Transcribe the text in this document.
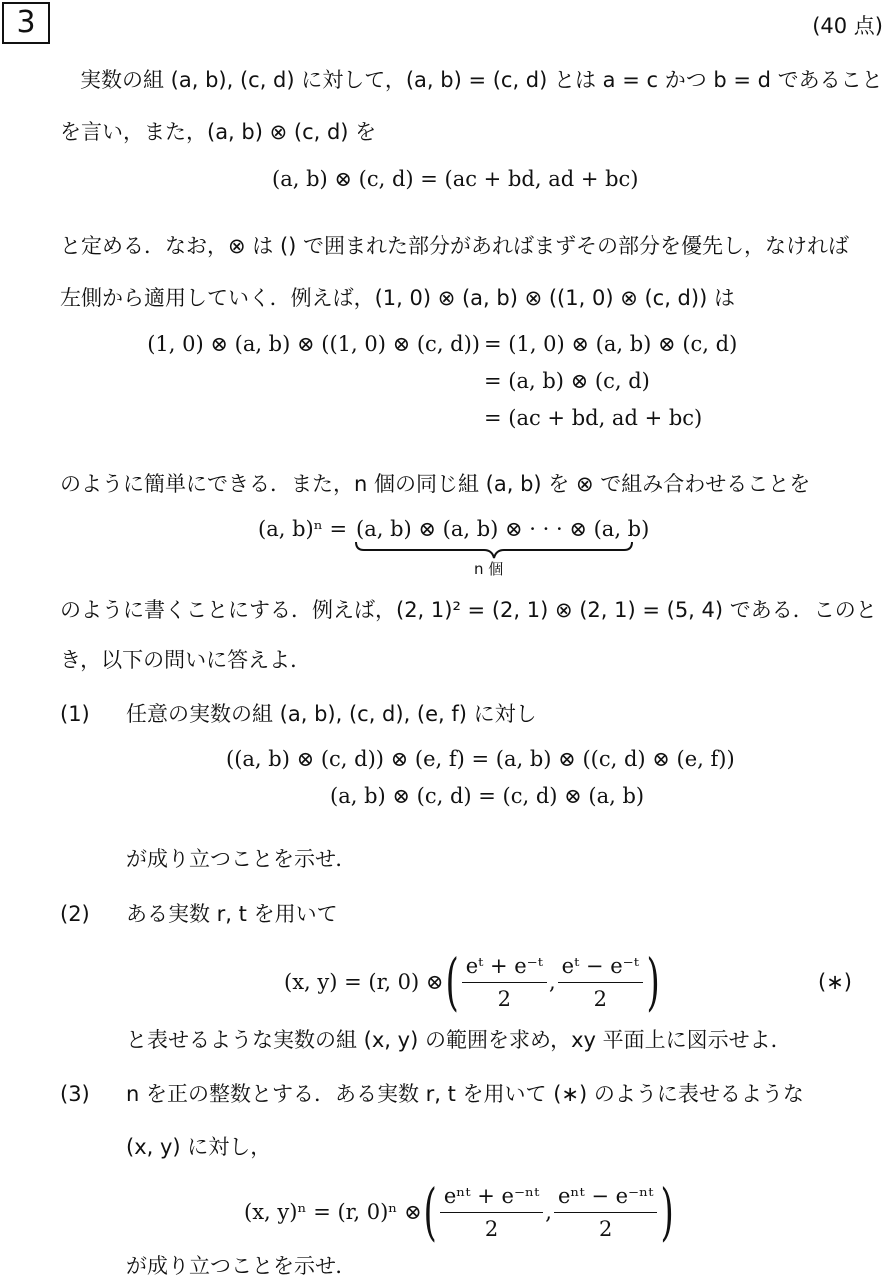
3	(40 点)
実数の組 (a, b), (c, d) に対して，(a, b) = (c, d) とは a = c かつ b = d であること
を言い，また，(a, b) ⊗ (c, d) を
(a, b) ⊗ (c, d) = (ac + bd, ad + bc)
と定める．なお，⊗ は () で囲まれた部分があればまずその部分を優先し，なければ
左側から適用していく．例えば，(1, 0) ⊗ (a, b) ⊗ ((1, 0) ⊗ (c, d)) は
(1, 0) ⊗ (a, b) ⊗ ((1, 0) ⊗ (c, d)) = (1, 0) ⊗ (a, b) ⊗ (c, d)
= (a, b) ⊗ (c, d)
= (ac + bd, ad + bc)
のように簡単にできる．また，n 個の同じ組 (a, b) を ⊗ で組み合わせることを
(a, b)ⁿ = (a, b) ⊗ (a, b) ⊗ · · · ⊗ (a, b)
n 個
のように書くことにする．例えば，(2, 1)² = (2, 1) ⊗ (2, 1) = (5, 4) である．このと
き，以下の問いに答えよ．
(1) 任意の実数の組 (a, b), (c, d), (e, f) に対し
((a, b) ⊗ (c, d)) ⊗ (e, f) = (a, b) ⊗ ((c, d) ⊗ (e, f))
(a, b) ⊗ (c, d) = (c, d) ⊗ (a, b)
が成り立つことを示せ．
(2) ある実数 r, t を用いて
(x, y) = (r, 0) ⊗ ( $\frac{\text{eᵗ + e⁻ᵗ}}{2}$ , $\frac{\text{eᵗ − e⁻ᵗ}}{2}$ )	(∗)
と表せるような実数の組 (x, y) の範囲を求め，xy 平面上に図示せよ．
(3) n を正の整数とする．ある実数 r, t を用いて (∗) のように表せるような
(x, y) に対し，
(x, y)ⁿ = (r, 0)ⁿ ⊗ ( $\frac{\text{eⁿᵗ + e⁻ⁿᵗ}}{2}$ , $\frac{\text{eⁿᵗ − e⁻ⁿᵗ}}{2}$ )
が成り立つことを示せ．
